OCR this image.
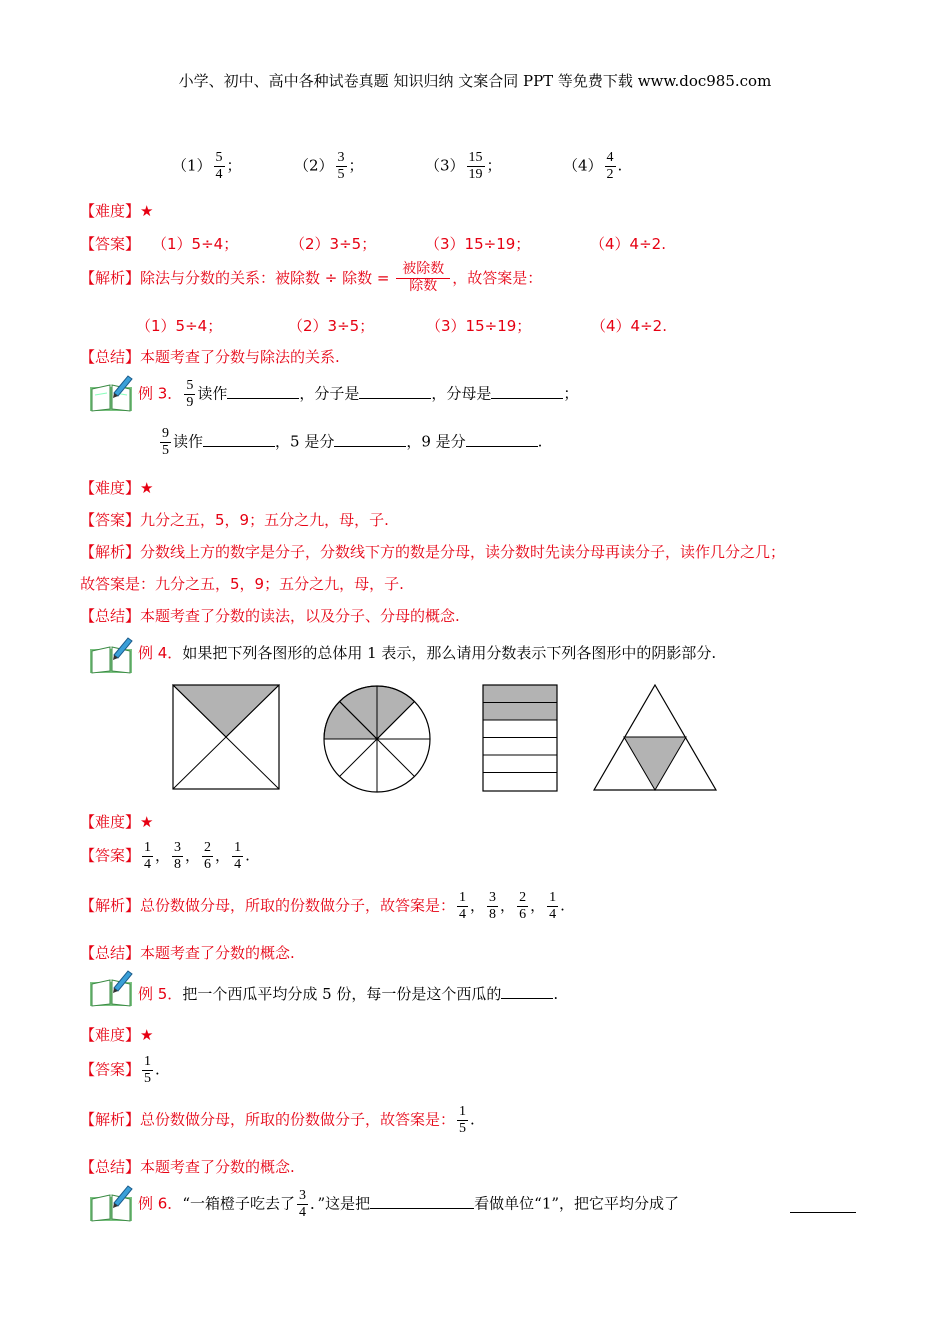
小学、初中、高中各种试卷真题 知识归纳 文案合同 PPT 等免费下载 www.doc985.com
$(1) \frac{5}{4}$ ；	$(2) \frac{3}{5}$ ；	$(3) \frac{15}{19}$ ；	$(4) \frac{4}{2}$ .
【难度】★
【答案】 （1）5÷4；	（2）3÷5；	（3）15÷19；	（4）4÷2.
【解析】除法与分数的关系：被除数 ÷ 除数 = $\frac{\text{被除数}}{\text{除数}}$ ，故答案是：
（1）5÷4；	（2）3÷5；	（3）15÷19；	（4）4÷2.
【总结】本题考查了分数与除法的关系.
例 3． $\frac{5}{9}$ 读作	，分子是	，分母是	；
$\frac{9}{5}$ 读作	，5 是分	，9 是分	.
【难度】★
【答案】九分之五，5，9；五分之九，母，子.
【解析】分数线上方的数字是分子，分数线下方的数是分母，读分数时先读分母再读分子，读作几分之几；
故答案是：九分之五，5，9；五分之九，母，子.
【总结】本题考查了分数的读法，以及分子、分母的概念.
例 4．如果把下列各图形的总体用 1 表示，那么请用分数表示下列各图形中的阴影部分.
【难度】★
【答案】 $\frac{1}{4}$ ， $\frac{3}{8}$ ， $\frac{2}{6}$ ， $\frac{1}{4}$ .
【解析】总份数做分母，所取的份数做分子，故答案是： $\frac{1}{4}$ ， $\frac{3}{8}$ ， $\frac{2}{6}$ ， $\frac{1}{4}$ .
【总结】本题考查了分数的概念.
例 5．把一个西瓜平均分成 5 份，每一份是这个西瓜的	.
【难度】★
【答案】 $\frac{1}{5}$ .
【解析】总份数做分母，所取的份数做分子，故答案是： $\frac{1}{5}$ .
【总结】本题考查了分数的概念.
例 6．“一箱橙子吃去了 $\frac{3}{4}$ ．”这是把	看做单位“1”，把它平均分成了
